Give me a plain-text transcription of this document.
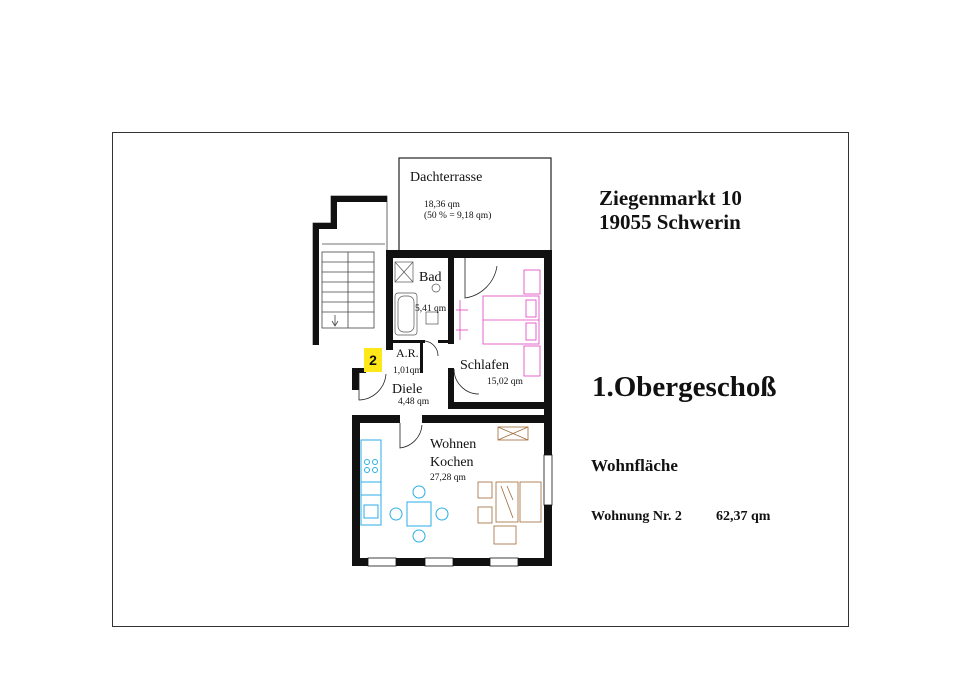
Dachterrasse
18,36 qm
(50 % = 9,18 qm)
Bad
5,41 qm
A.R.
1,01qm
Diele
4,48 qm
Schlafen
15,02 qm
Wohnen
Kochen
27,28 qm
2
Ziegenmarkt 10
19055 Schwerin
1.Obergeschoß
Wohnfläche
Wohnung Nr. 2 62,37 qm
